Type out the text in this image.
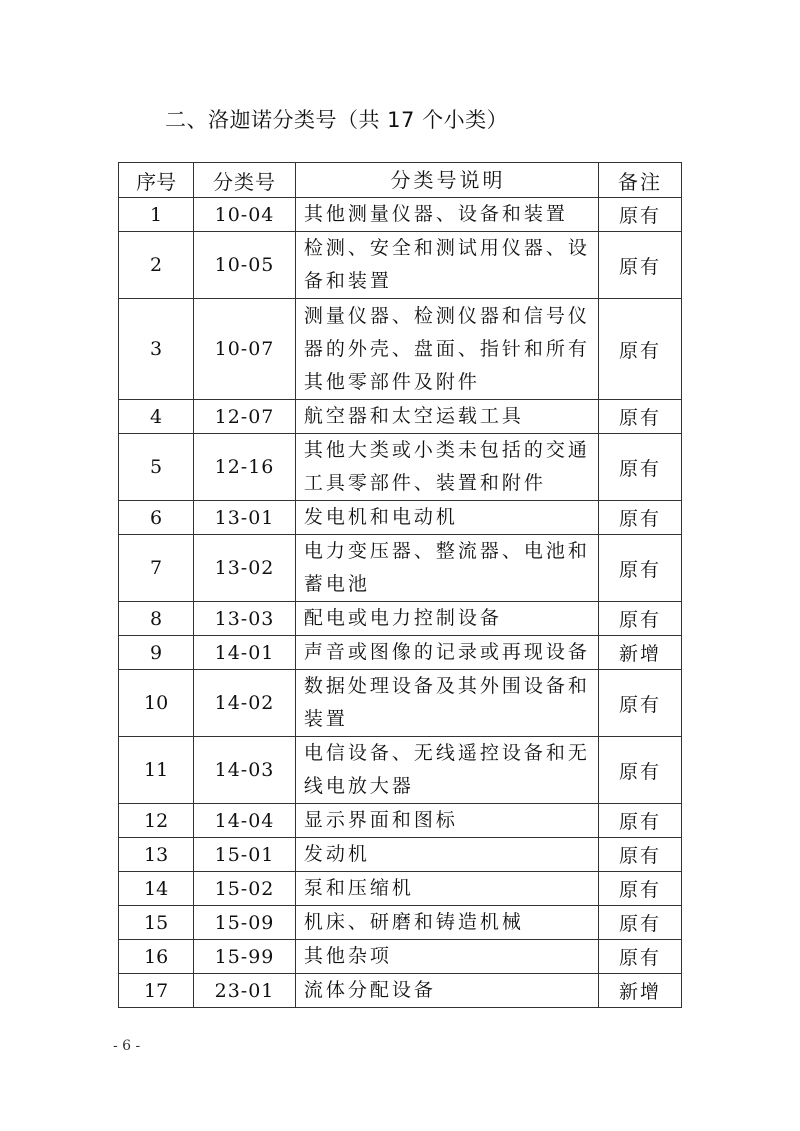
二、洛迦诺分类号（共 17 个小类）
序号	分类号	分类号说明	备注
1	10-04	其他测量仪器、设备和装置	原有
2	10-05	检测、安全和测试用仪器、设备和装置	原有
3	10-07	测量仪器、检测仪器和信号仪器的外壳、盘面、指针和所有其他零部件及附件	原有
4	12-07	航空器和太空运载工具	原有
5	12-16	其他大类或小类未包括的交通工具零部件、装置和附件	原有
6	13-01	发电机和电动机	原有
7	13-02	电力变压器、整流器、电池和蓄电池	原有
8	13-03	配电或电力控制设备	原有
9	14-01	声音或图像的记录或再现设备	新增
10	14-02	数据处理设备及其外围设备和装置	原有
11	14-03	电信设备、无线遥控设备和无线电放大器	原有
12	14-04	显示界面和图标	原有
13	15-01	发动机	原有
14	15-02	泵和压缩机	原有
15	15-09	机床、研磨和铸造机械	原有
16	15-99	其他杂项	原有
17	23-01	流体分配设备	新增
- 6 -
